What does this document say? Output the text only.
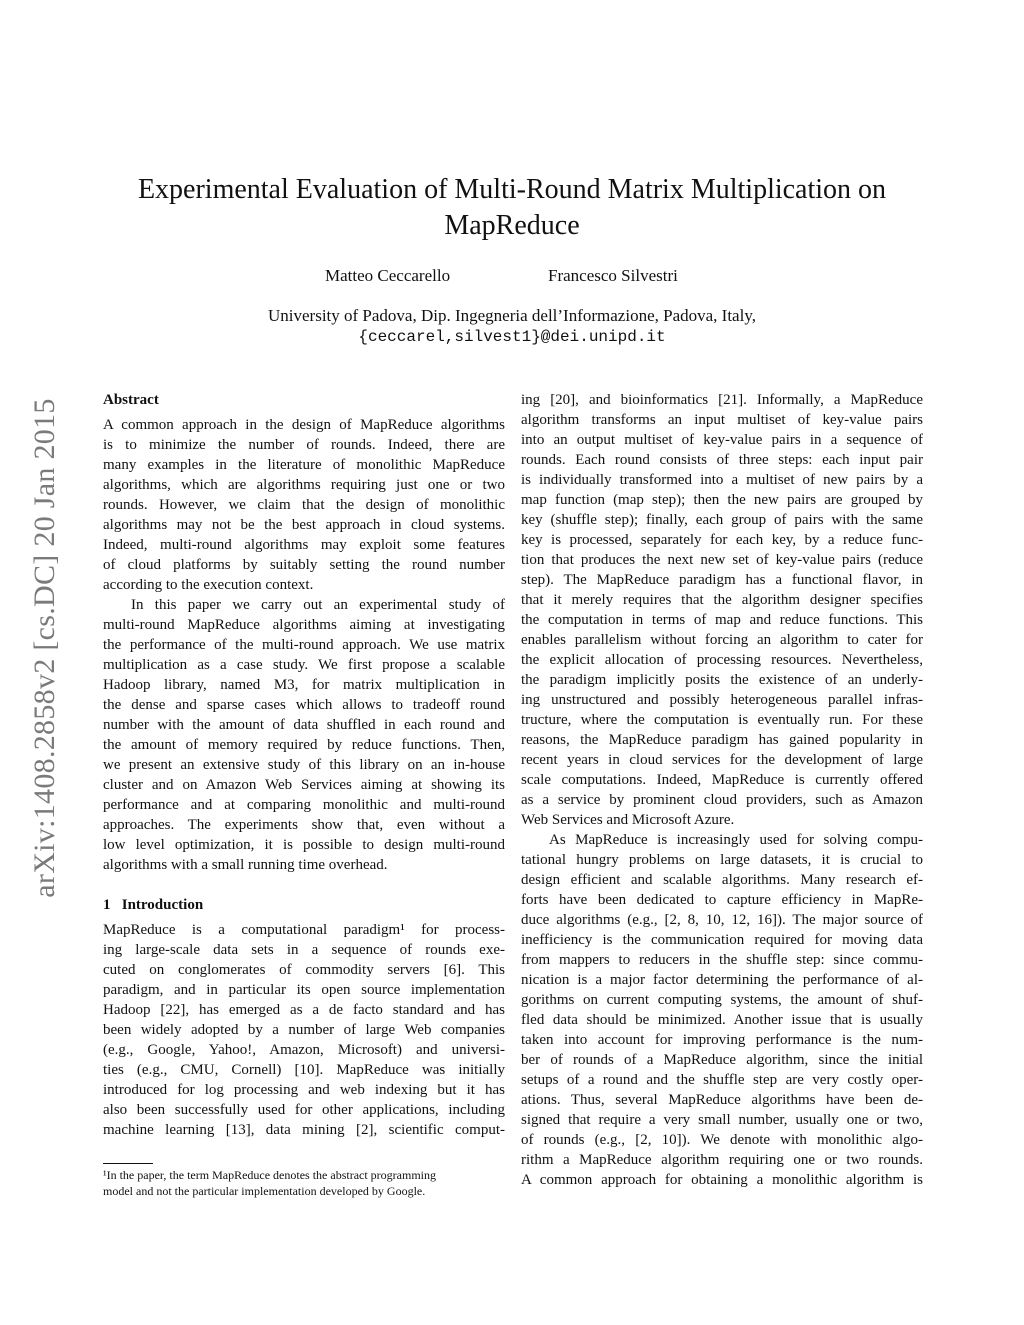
arXiv:1408.2858v2 [cs.DC] 20 Jan 2015
Experimental Evaluation of Multi-Round Matrix Multiplication on
MapReduce
Matteo Ceccarello	Francesco Silvestri
University of Padova, Dip. Ingegneria dell’Informazione, Padova, Italy,
{ceccarel,silvest1}@dei.unipd.it
Abstract
A common approach in the design of MapReduce algorithms
is to minimize the number of rounds. Indeed, there are
many examples in the literature of monolithic MapReduce
algorithms, which are algorithms requiring just one or two
rounds. However, we claim that the design of monolithic
algorithms may not be the best approach in cloud systems.
Indeed, multi-round algorithms may exploit some features
of cloud platforms by suitably setting the round number
according to the execution context.
In this paper we carry out an experimental study of
multi-round MapReduce algorithms aiming at investigating
the performance of the multi-round approach. We use matrix
multiplication as a case study. We first propose a scalable
Hadoop library, named M3, for matrix multiplication in
the dense and sparse cases which allows to tradeoff round
number with the amount of data shuffled in each round and
the amount of memory required by reduce functions. Then,
we present an extensive study of this library on an in-house
cluster and on Amazon Web Services aiming at showing its
performance and at comparing monolithic and multi-round
approaches. The experiments show that, even without a
low level optimization, it is possible to design multi-round
algorithms with a small running time overhead.
1   Introduction
MapReduce is a computational paradigm¹ for process-
ing large-scale data sets in a sequence of rounds exe-
cuted on conglomerates of commodity servers [6]. This
paradigm, and in particular its open source implementation
Hadoop [22], has emerged as a de facto standard and has
been widely adopted by a number of large Web companies
(e.g., Google, Yahoo!, Amazon, Microsoft) and universi-
ties (e.g., CMU, Cornell) [10]. MapReduce was initially
introduced for log processing and web indexing but it has
also been successfully used for other applications, including
machine learning [13], data mining [2], scientific comput-
¹In the paper, the term MapReduce denotes the abstract programming
model and not the particular implementation developed by Google.
ing [20], and bioinformatics [21]. Informally, a MapReduce
algorithm transforms an input multiset of key-value pairs
into an output multiset of key-value pairs in a sequence of
rounds. Each round consists of three steps: each input pair
is individually transformed into a multiset of new pairs by a
map function (map step); then the new pairs are grouped by
key (shuffle step); finally, each group of pairs with the same
key is processed, separately for each key, by a reduce func-
tion that produces the next new set of key-value pairs (reduce
step). The MapReduce paradigm has a functional flavor, in
that it merely requires that the algorithm designer specifies
the computation in terms of map and reduce functions. This
enables parallelism without forcing an algorithm to cater for
the explicit allocation of processing resources. Nevertheless,
the paradigm implicitly posits the existence of an underly-
ing unstructured and possibly heterogeneous parallel infras-
tructure, where the computation is eventually run. For these
reasons, the MapReduce paradigm has gained popularity in
recent years in cloud services for the development of large
scale computations. Indeed, MapReduce is currently offered
as a service by prominent cloud providers, such as Amazon
Web Services and Microsoft Azure.
As MapReduce is increasingly used for solving compu-
tational hungry problems on large datasets, it is crucial to
design efficient and scalable algorithms. Many research ef-
forts have been dedicated to capture efficiency in MapRe-
duce algorithms (e.g., [2, 8, 10, 12, 16]). The major source of
inefficiency is the communication required for moving data
from mappers to reducers in the shuffle step: since commu-
nication is a major factor determining the performance of al-
gorithms on current computing systems, the amount of shuf-
fled data should be minimized. Another issue that is usually
taken into account for improving performance is the num-
ber of rounds of a MapReduce algorithm, since the initial
setups of a round and the shuffle step are very costly oper-
ations. Thus, several MapReduce algorithms have been de-
signed that require a very small number, usually one or two,
of rounds (e.g., [2, 10]). We denote with monolithic algo-
rithm a MapReduce algorithm requiring one or two rounds.
A common approach for obtaining a monolithic algorithm is
